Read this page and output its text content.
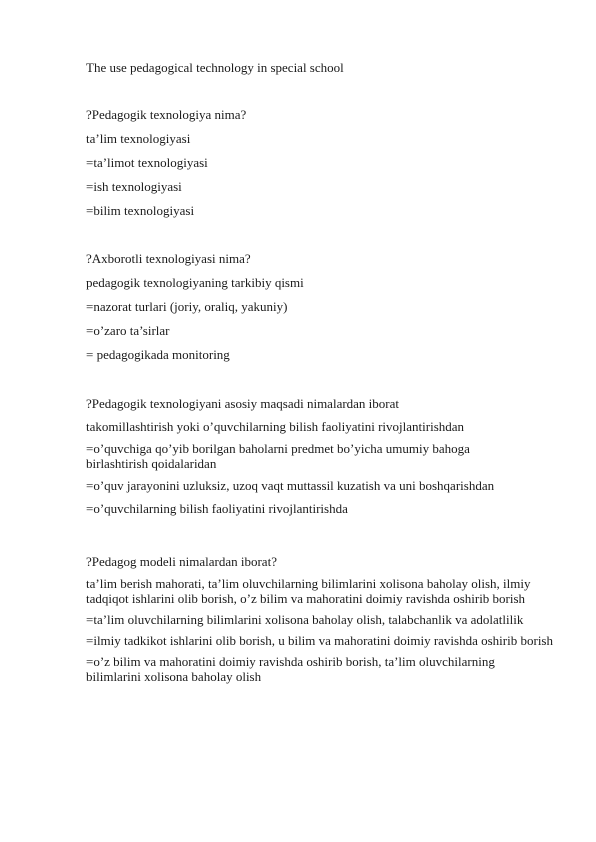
The use pedagogical technology in special school

?Pedagogik texnologiya nima?

ta’lim texnologiyasi

=ta’limot texnologiyasi

=ish texnologiyasi

=bilim texnologiyasi

?Axborotli texnologiyasi nima?

pedagogik texnologiyaning tarkibiy qismi

=nazorat turlari (joriy, oraliq, yakuniy)

=o’zaro ta’sirlar

= pedagogikada monitoring

?Pedagogik texnologiyani asosiy maqsadi nimalardan iborat

takomillashtirish yoki o’quvchilarning bilish faoliyatini rivojlantirishdan

=o’quvchiga qo’yib borilgan baholarni predmet bo’yicha umumiy bahoga birlashtirish qoidalaridan

=o’quv jarayonini uzluksiz, uzoq vaqt muttassil kuzatish va uni boshqarishdan

=o’quvchilarning bilish faoliyatini rivojlantirishda

?Pedagog modeli nimalardan iborat?

ta’lim berish mahorati, ta’lim oluvchilarning bilimlarini xolisona baholay olish, ilmiy tadqiqot ishlarini olib borish, o’z bilim va mahoratini doimiy ravishda oshirib borish

=ta’lim oluvchilarning bilimlarini xolisona baholay olish, talabchanlik va adolatlilik

=ilmiy tadkikot ishlarini olib borish, u bilim va mahoratini doimiy ravishda oshirib borish

=o’z bilim va mahoratini doimiy ravishda oshirib borish, ta’lim oluvchilarning bilimlarini xolisona baholay olish
